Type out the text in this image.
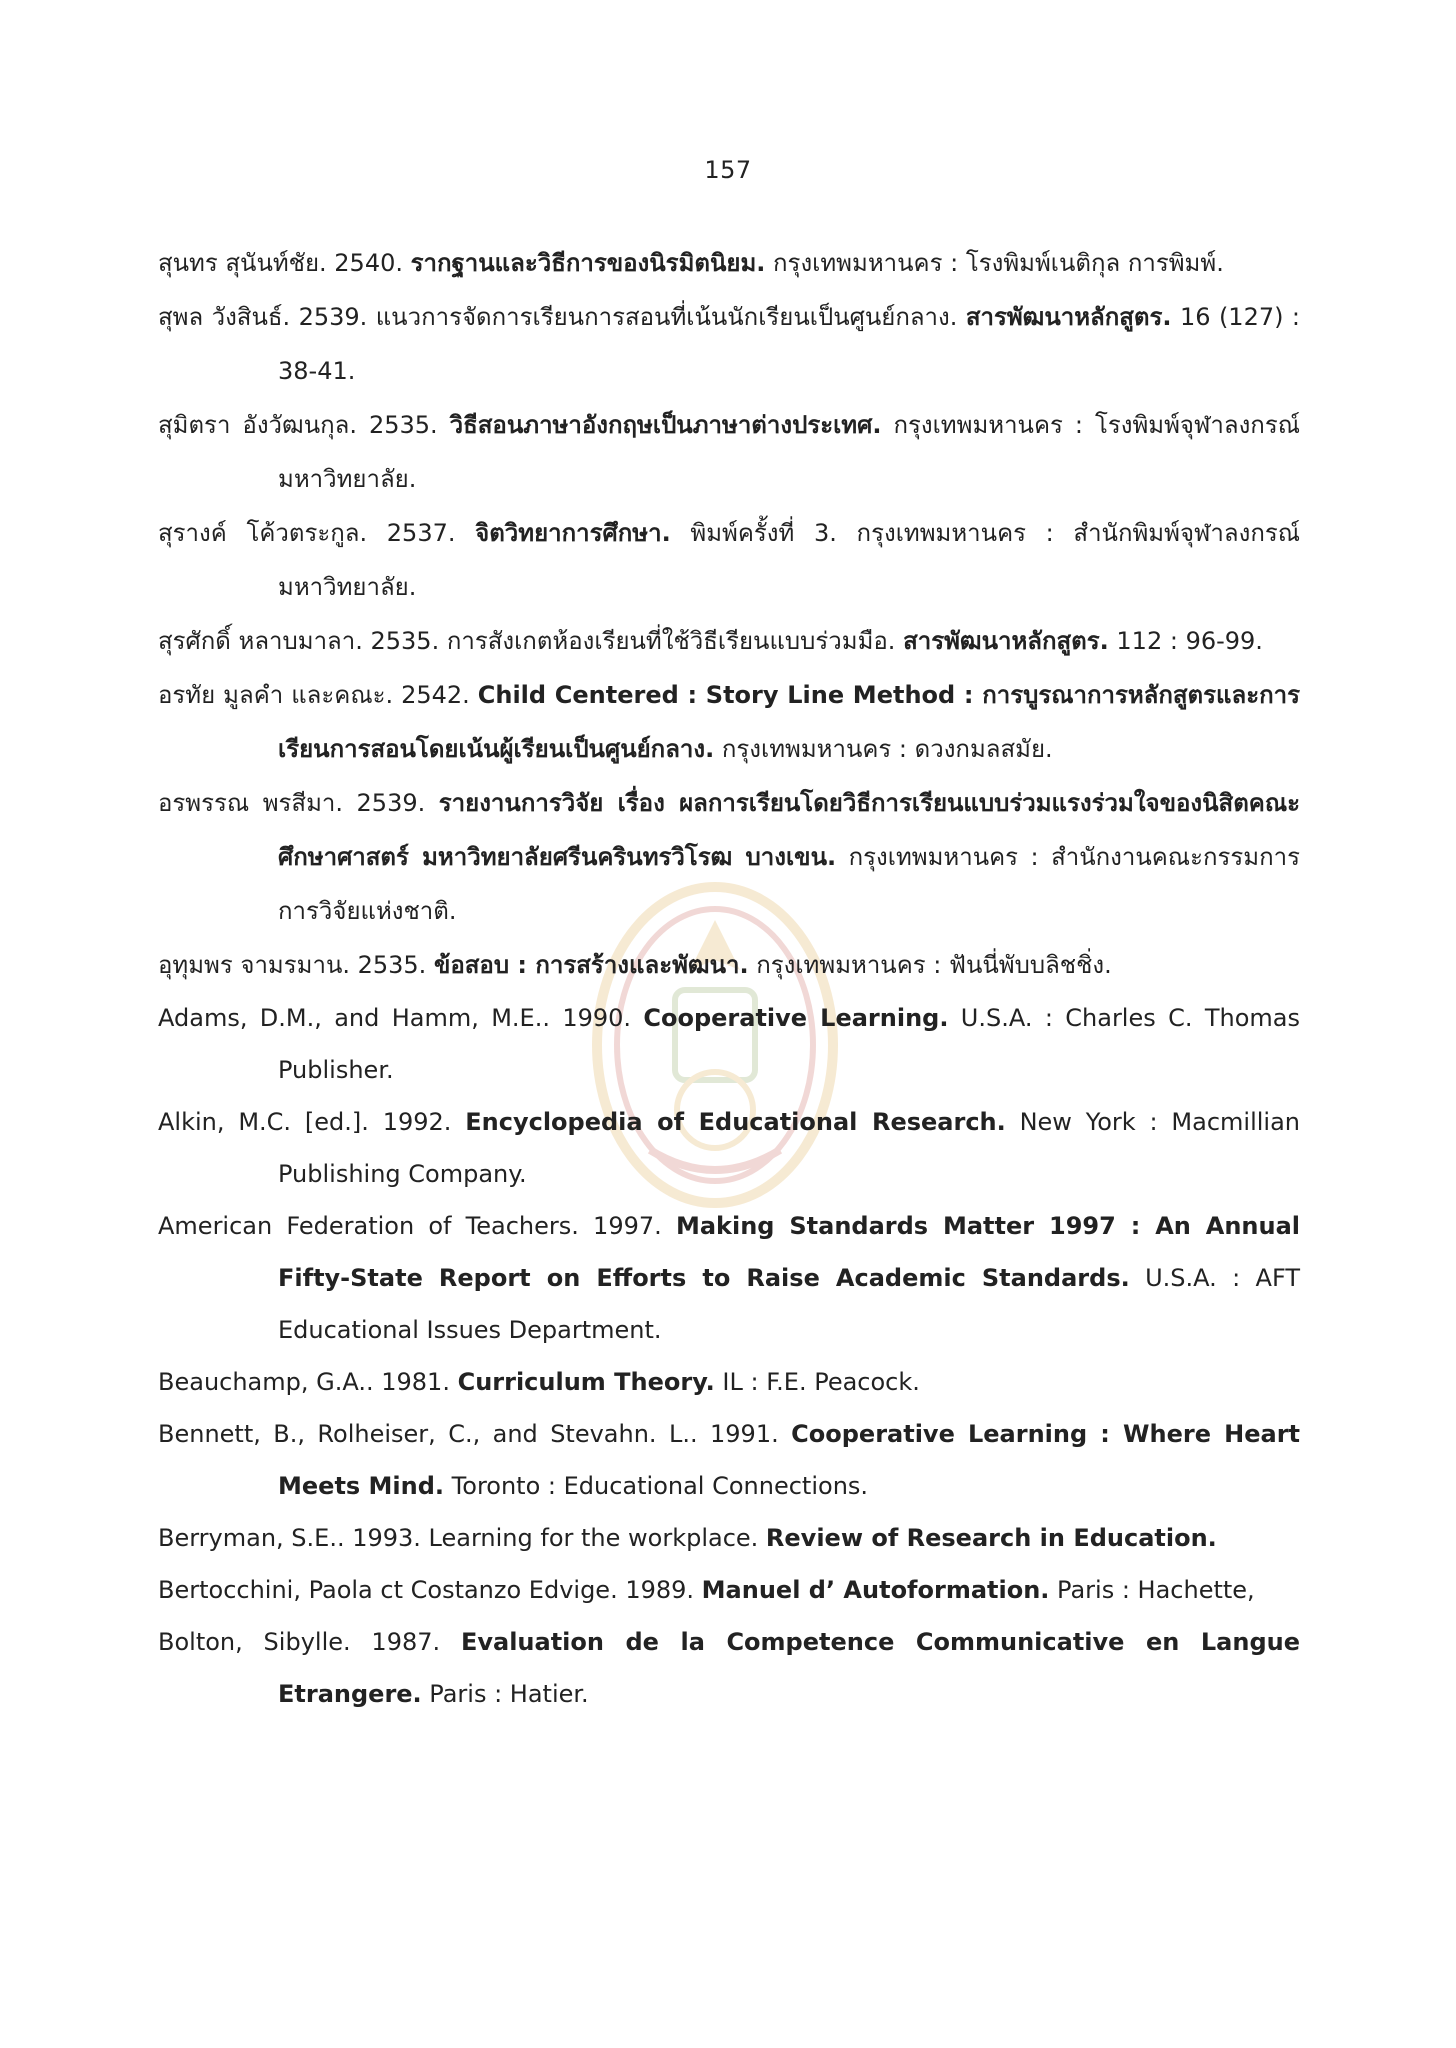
157

สุนทร สุนันท์ชัย. 2540. รากฐานและวิธีการของนิรมิตนิยม. กรุงเทพมหานคร : โรงพิมพ์เนติกุล การพิมพ์.

สุพล วังสินธ์. 2539. แนวการจัดการเรียนการสอนที่เน้นนักเรียนเป็นศูนย์กลาง. สารพัฒนาหลักสูตร. 16 (127) : 38-41.

สุมิตรา อังวัฒนกุล. 2535. วิธีสอนภาษาอังกฤษเป็นภาษาต่างประเทศ. กรุงเทพมหานคร : โรงพิมพ์จุฬาลงกรณ์มหาวิทยาลัย.

สุรางค์ โค้วตระกูล. 2537. จิตวิทยาการศึกษา. พิมพ์ครั้งที่ 3. กรุงเทพมหานคร : สำนักพิมพ์จุฬาลงกรณ์มหาวิทยาลัย.

สุรศักดิ์ หลาบมาลา. 2535. การสังเกตห้องเรียนที่ใช้วิธีเรียนแบบร่วมมือ. สารพัฒนาหลักสูตร. 112 : 96-99.

อรทัย มูลคำ และคณะ. 2542. Child Centered : Story Line Method : การบูรณาการหลักสูตรและการเรียนการสอนโดยเน้นผู้เรียนเป็นศูนย์กลาง. กรุงเทพมหานคร : ดวงกมลสมัย.

อรพรรณ พรสีมา. 2539. รายงานการวิจัย เรื่อง ผลการเรียนโดยวิธีการเรียนแบบร่วมแรงร่วมใจของนิสิตคณะศึกษาศาสตร์ มหาวิทยาลัยศรีนครินทรวิโรฒ บางเขน. กรุงเทพมหานคร : สำนักงานคณะกรรมการการวิจัยแห่งชาติ.

อุทุมพร จามรมาน. 2535. ข้อสอบ : การสร้างและพัฒนา. กรุงเทพมหานคร : ฟันนี่พับบลิชชิ่ง.

Adams, D.M., and Hamm, M.E.. 1990. Cooperative Learning. U.S.A. : Charles C. Thomas Publisher.

Alkin, M.C. [ed.]. 1992. Encyclopedia of Educational Research. New York : Macmillian Publishing Company.

American Federation of Teachers. 1997. Making Standards Matter 1997 : An Annual Fifty-State Report on Efforts to Raise Academic Standards. U.S.A. : AFT Educational Issues Department.

Beauchamp, G.A.. 1981. Curriculum Theory. IL : F.E. Peacock.

Bennett, B., Rolheiser, C., and Stevahn. L.. 1991. Cooperative Learning : Where Heart Meets Mind. Toronto : Educational Connections.

Berryman, S.E.. 1993. Learning for the workplace. Review of Research in Education.

Bertocchini, Paola ct Costanzo Edvige. 1989. Manuel d’ Autoformation. Paris : Hachette,

Bolton, Sibylle. 1987. Evaluation de la Competence Communicative en Langue Etrangere. Paris : Hatier.
